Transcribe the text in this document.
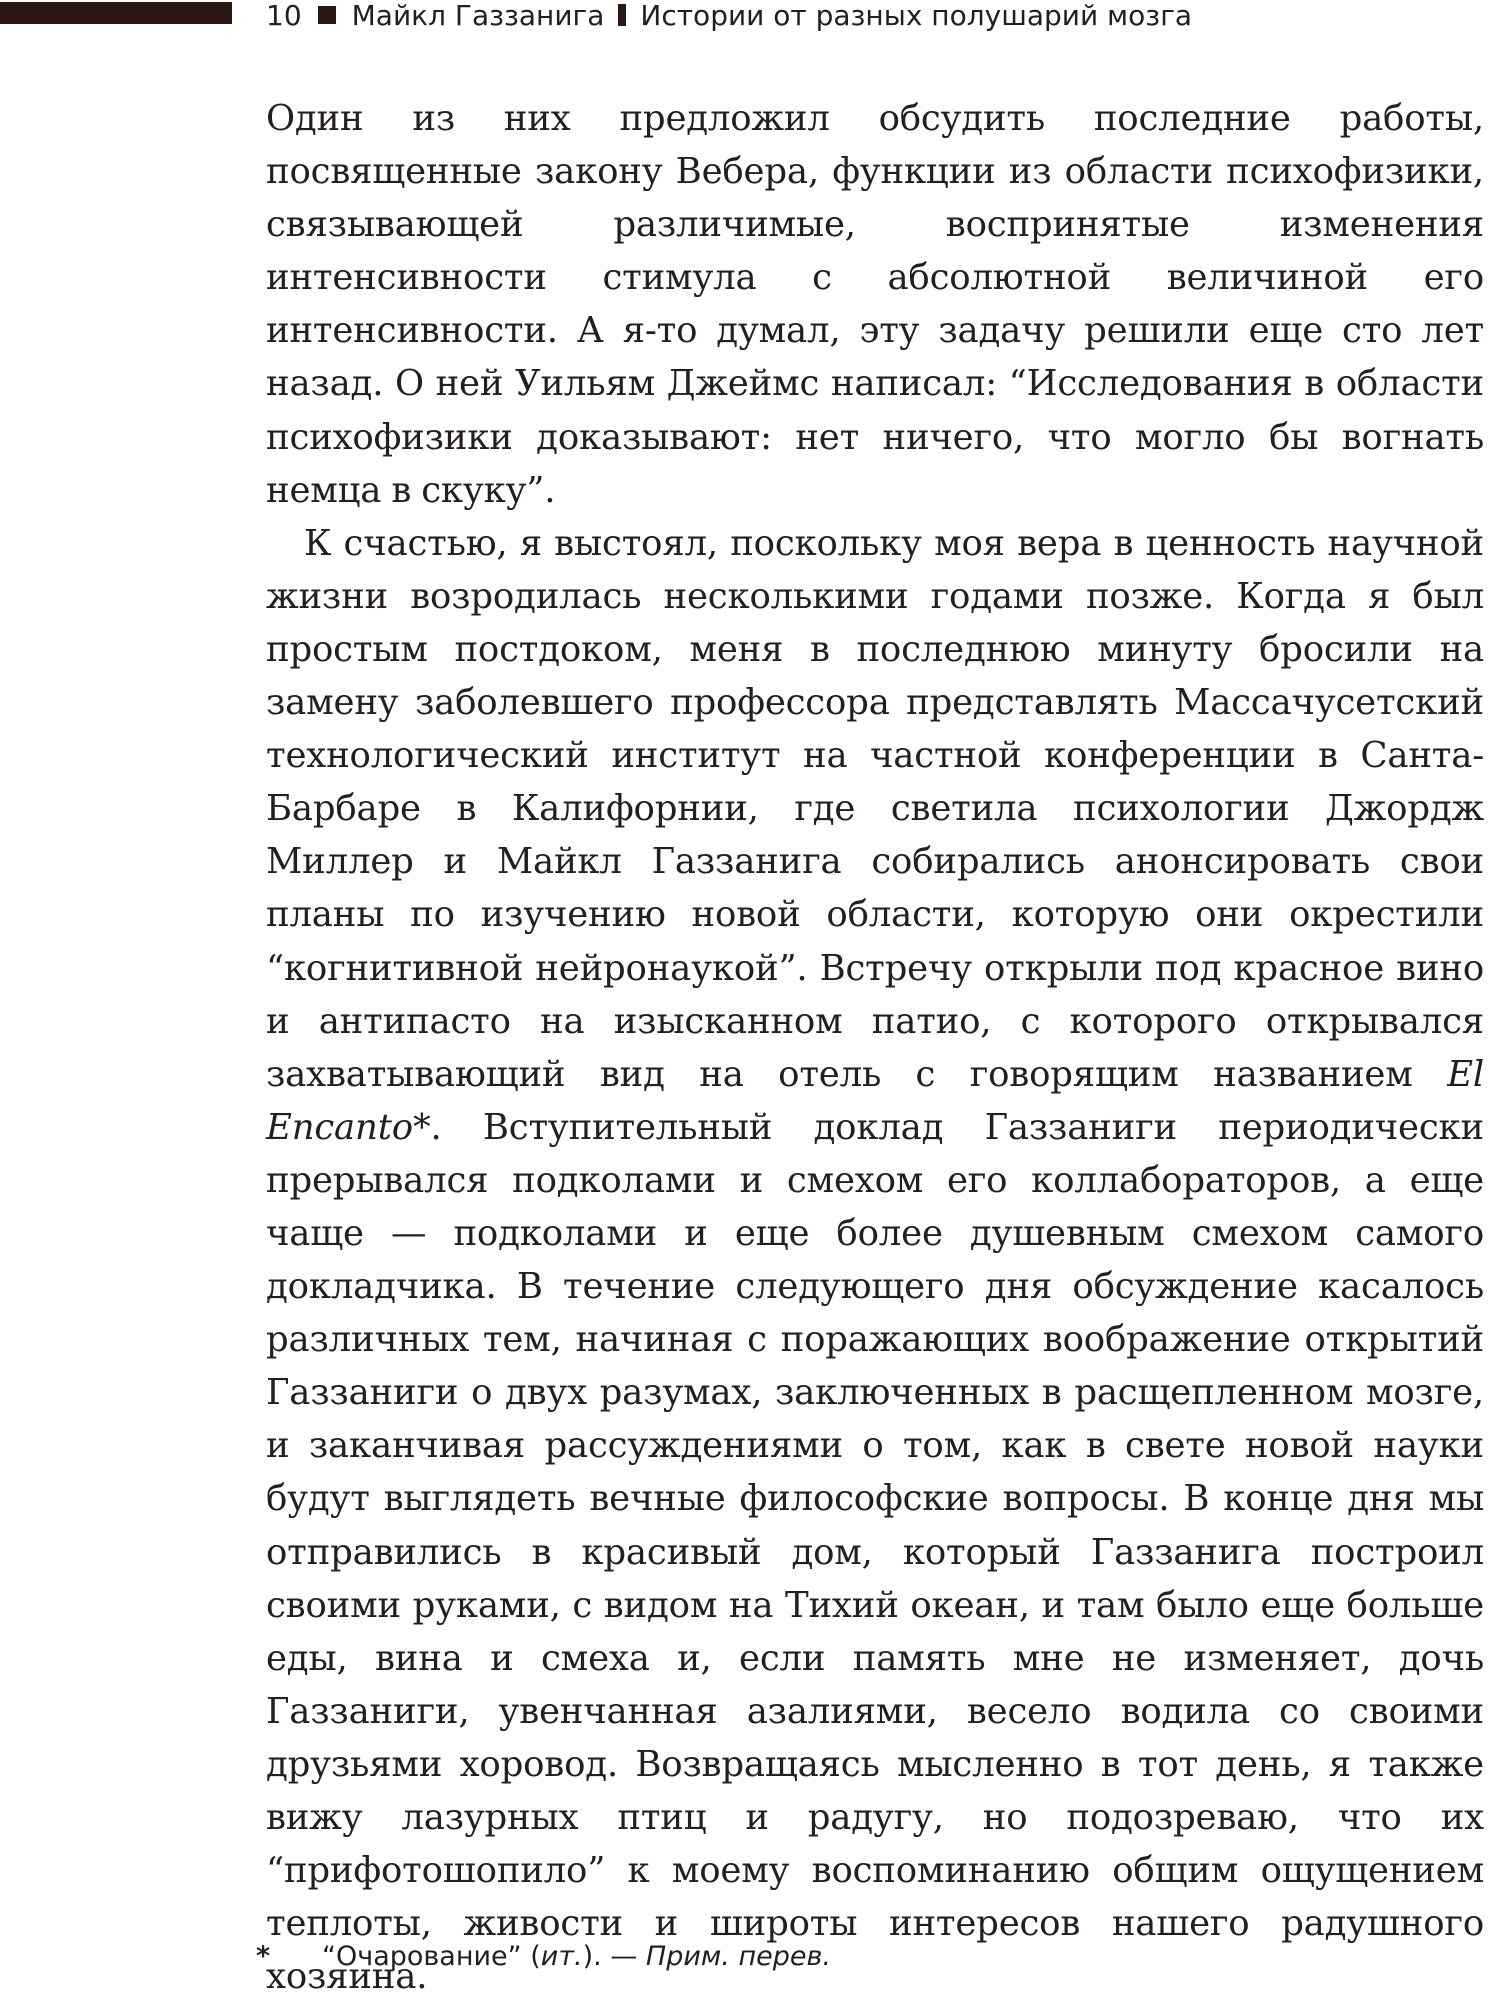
10 Майкл Газзанига Истории от разных полушарий мозга

Один из них предложил обсудить последние работы, посвященные закону Вебера, функции из области психофизики, связывающей различимые, воспринятые изменения интенсивности стимула с абсолютной величиной его интенсивности. А я-то думал, эту задачу решили еще сто лет назад. О ней Уильям Джеймс написал: “Исследования в области психофизики доказывают: нет ничего, что могло бы вогнать немца в скуку”.

К счастью, я выстоял, поскольку моя вера в ценность научной жизни возродилась несколькими годами позже. Когда я был простым постдоком, меня в последнюю минуту бросили на замену заболевшего профессора представлять Массачусетский технологический институт на частной конференции в Санта-Барбаре в Калифорнии, где светила психологии Джордж Миллер и Майкл Газзанига собирались анонсировать свои планы по изучению новой области, которую они окрестили “когнитивной нейронаукой”. Встречу открыли под красное вино и антипасто на изысканном патио, с которого открывался захватывающий вид на отель с говорящим названием El Encanto*. Вступительный доклад Газзаниги периодически прерывался подколами и смехом его коллабораторов, а еще чаще — подколами и еще более душевным смехом самого докладчика. В течение следующего дня обсуждение касалось различных тем, начиная с поражающих воображение открытий Газзаниги о двух разумах, заключенных в расщепленном мозге, и заканчивая рассуждениями о том, как в свете новой науки будут выглядеть вечные философские вопросы. В конце дня мы отправились в красивый дом, который Газзанига построил своими руками, с видом на Тихий океан, и там было еще больше еды, вина и смеха и, если память мне не изменяет, дочь Газзаниги, увенчанная азалиями, весело водила со своими друзьями хоровод. Возвращаясь мысленно в тот день, я также вижу лазурных птиц и радугу, но подозреваю, что их “прифотошопило” к моему воспоминанию общим ощущением теплоты, живости и широты интересов нашего радушного хозяина.

* “Очарование” (ит.). — Прим. перев.
